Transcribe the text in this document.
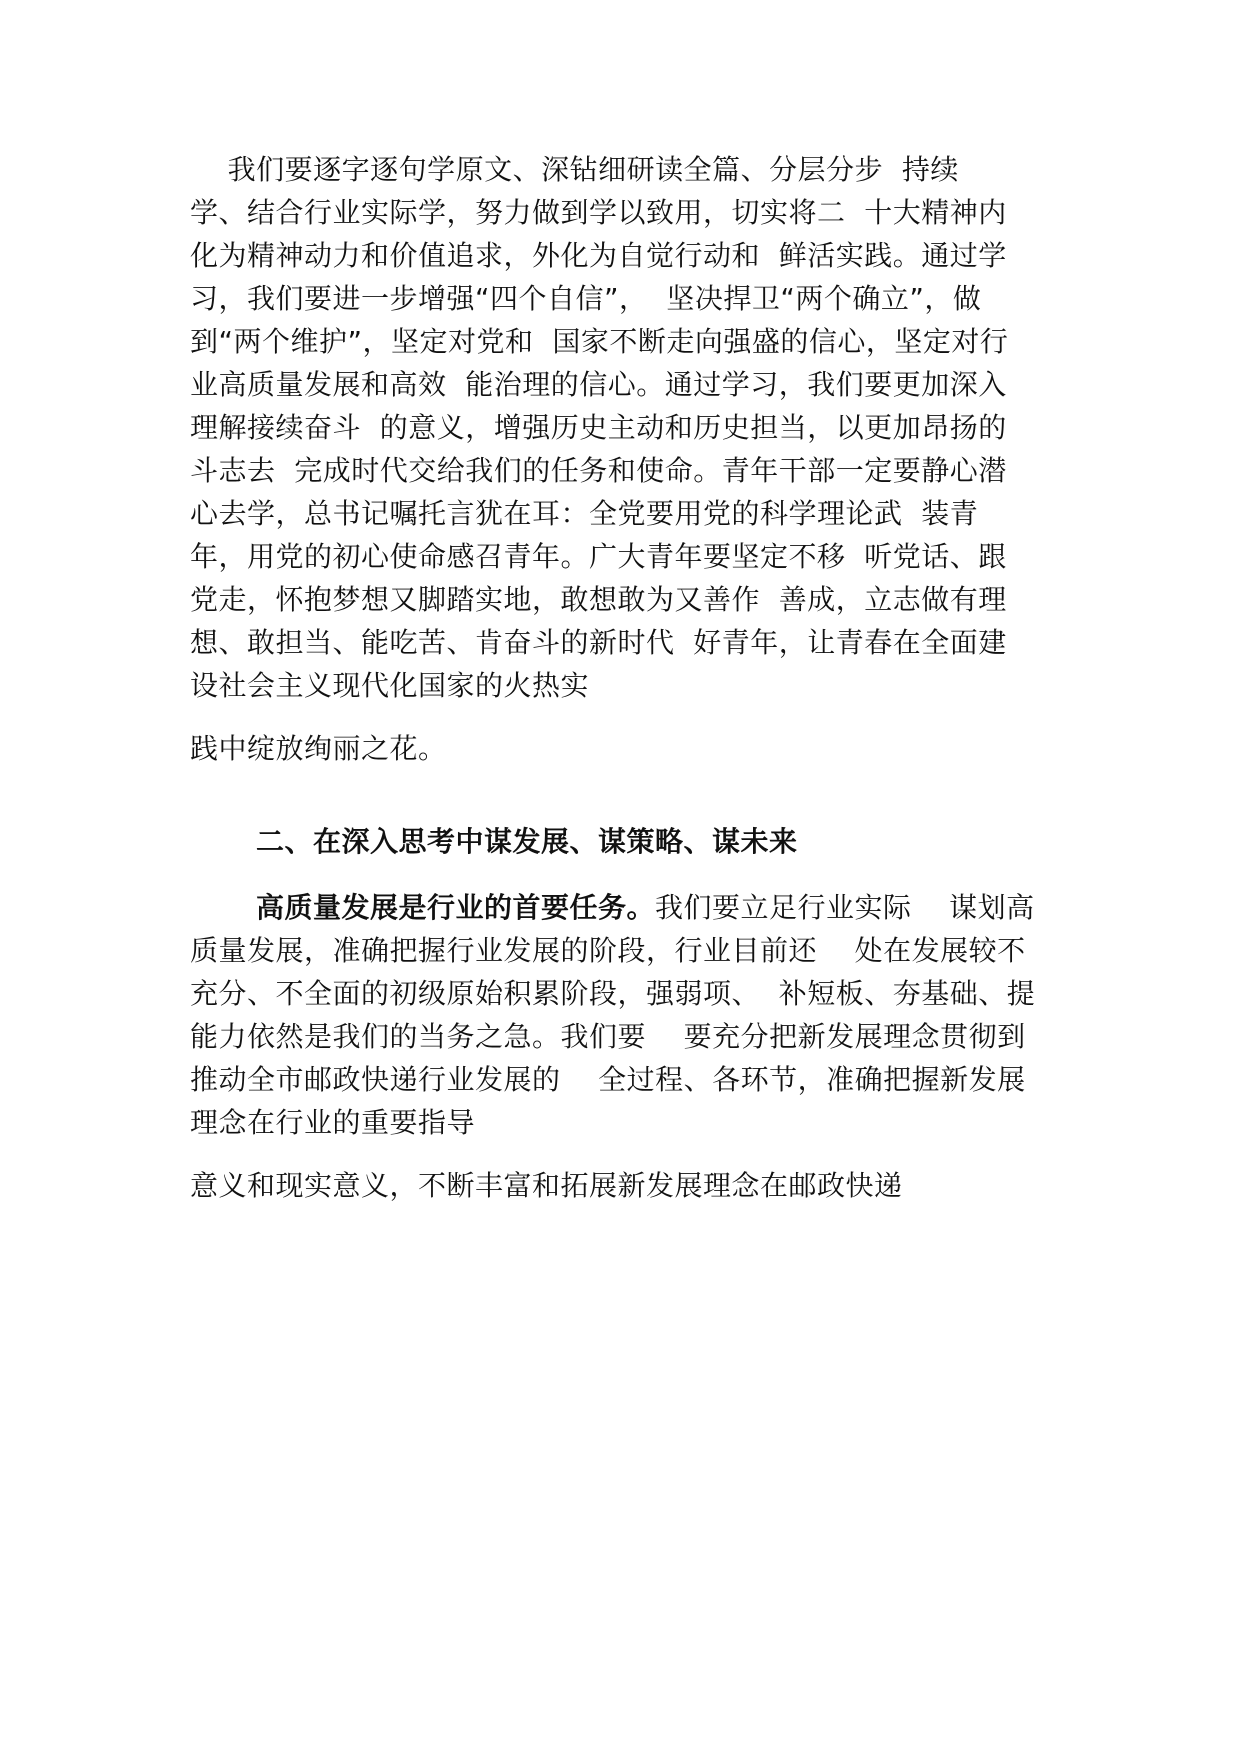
我们要逐字逐句学原文、深钻细研读全篇、分层分步  持续
学、结合行业实际学，努力做到学以致用，切实将二  十大精神内
化为精神动力和价值追求，外化为自觉行动和  鲜活实践。通过学
习，我们要进一步增强“四个自信”，  坚决捍卫“两个确立”，做
到“两个维护”，坚定对党和  国家不断走向强盛的信心，坚定对行
业高质量发展和高效  能治理的信心。通过学习，我们要更加深入
理解接续奋斗  的意义，增强历史主动和历史担当，以更加昂扬的
斗志去  完成时代交给我们的任务和使命。青年干部一定要静心潜
心去学，总书记嘱托言犹在耳：全党要用党的科学理论武  装青
年，用党的初心使命感召青年。广大青年要坚定不移  听党话、跟
党走，怀抱梦想又脚踏实地，敢想敢为又善作  善成，立志做有理
想、敢担当、能吃苦、肯奋斗的新时代  好青年，让青春在全面建
设社会主义现代化国家的火热实
践中绽放绚丽之花。
二、在深入思考中谋发展、谋策略、谋未来
高质量发展是行业的首要任务。我们要立足行业实际    谋划高
质量发展，准确把握行业发展的阶段，行业目前还    处在发展较不
充分、不全面的初级原始积累阶段，强弱项、  补短板、夯基础、提
能力依然是我们的当务之急。我们要    要充分把新发展理念贯彻到
推动全市邮政快递行业发展的    全过程、各环节，准确把握新发展
理念在行业的重要指导
意义和现实意义，不断丰富和拓展新发展理念在邮政快递
